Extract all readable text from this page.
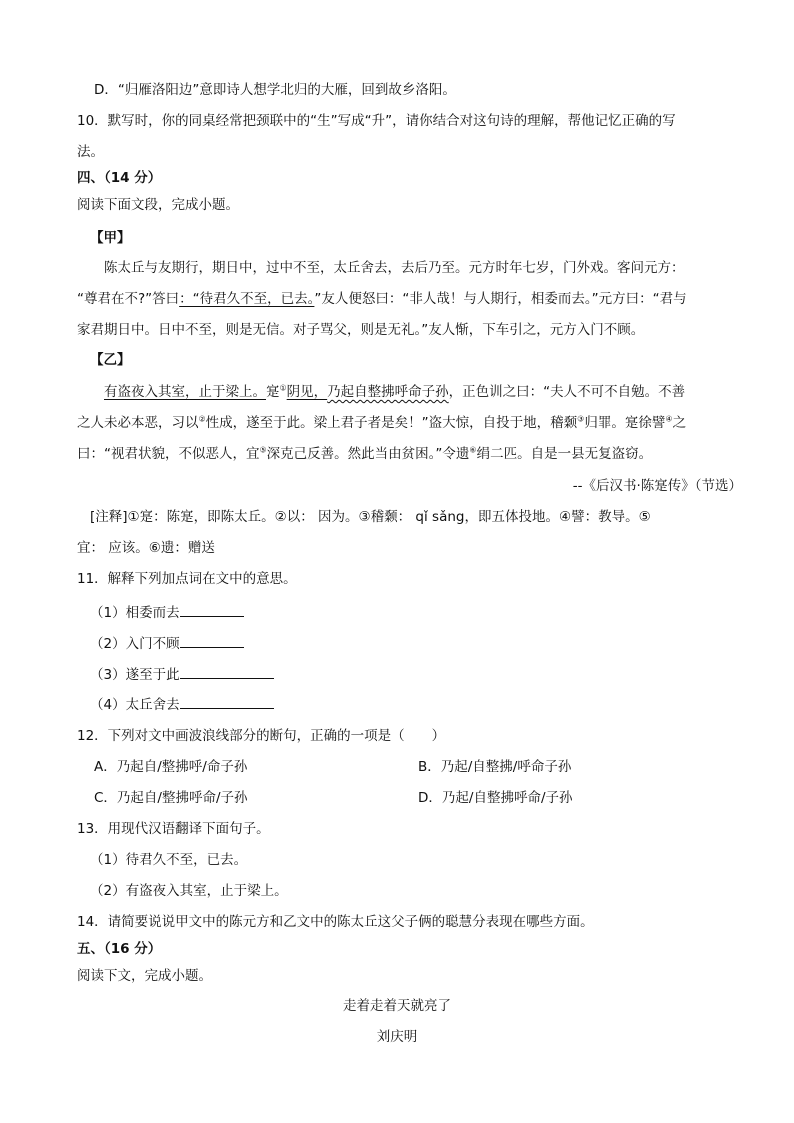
D．“归雁洛阳边”意即诗人想学北归的大雁，回到故乡洛阳。
10．默写时，你的同桌经常把颈联中的“生”写成“升”，请你结合对这句诗的理解，帮他记忆正确的写
法。
四、（14 分）
阅读下面文段，完成小题。
【甲】
陈太丘与友期行，期日中，过中不至，太丘舍去，去后乃至。元方时年七岁，门外戏。客问元方：
“尊君在不?”答曰：“待君久不至，已去。”友人便怒曰：“非人哉！与人期行，相委而去。”元方曰：“君与
家君期日中。日中不至，则是无信。对子骂父，则是无礼。”友人惭，下车引之，元方入门不顾。
【乙】
有盗夜入其室，止于梁上。寔①阴见，乃起自整拂呼命子孙，正色训之曰：“夫人不可不自勉。不善
之人未必本恶，习以②性成，遂至于此。梁上君子者是矣！”盗大惊，自投于地，稽颡③归罪。寔徐譬④之
曰：“视君状貌，不似恶人，宜⑤深克己反善。然此当由贫困。”令遗⑥绢二匹。自是一县无复盗窃。
--《后汉书·陈寔传》（节选）
[注释]①寔：陈寔，即陈太丘。②以： 因为。③稽颡： qǐ sǎng，即五体投地。④譬：教导。⑤
宜： 应该。⑥遗：赠送
11．解释下列加点词在文中的意思。
（1）相委而去
（2）入门不顾
（3）遂至于此
（4）太丘舍去
12．下列对文中画波浪线部分的断句，正确的一项是（　　）
A．乃起自/整拂呼/命子孙	B．乃起/自整拂/呼命子孙
C．乃起自/整拂呼命/子孙	D．乃起/自整拂呼命/子孙
13．用现代汉语翻译下面句子。
（1）待君久不至，已去。
（2）有盗夜入其室，止于梁上。
14．请简要说说甲文中的陈元方和乙文中的陈太丘这父子俩的聪慧分表现在哪些方面。
五、（16 分）
阅读下文，完成小题。
走着走着天就亮了
刘庆明
